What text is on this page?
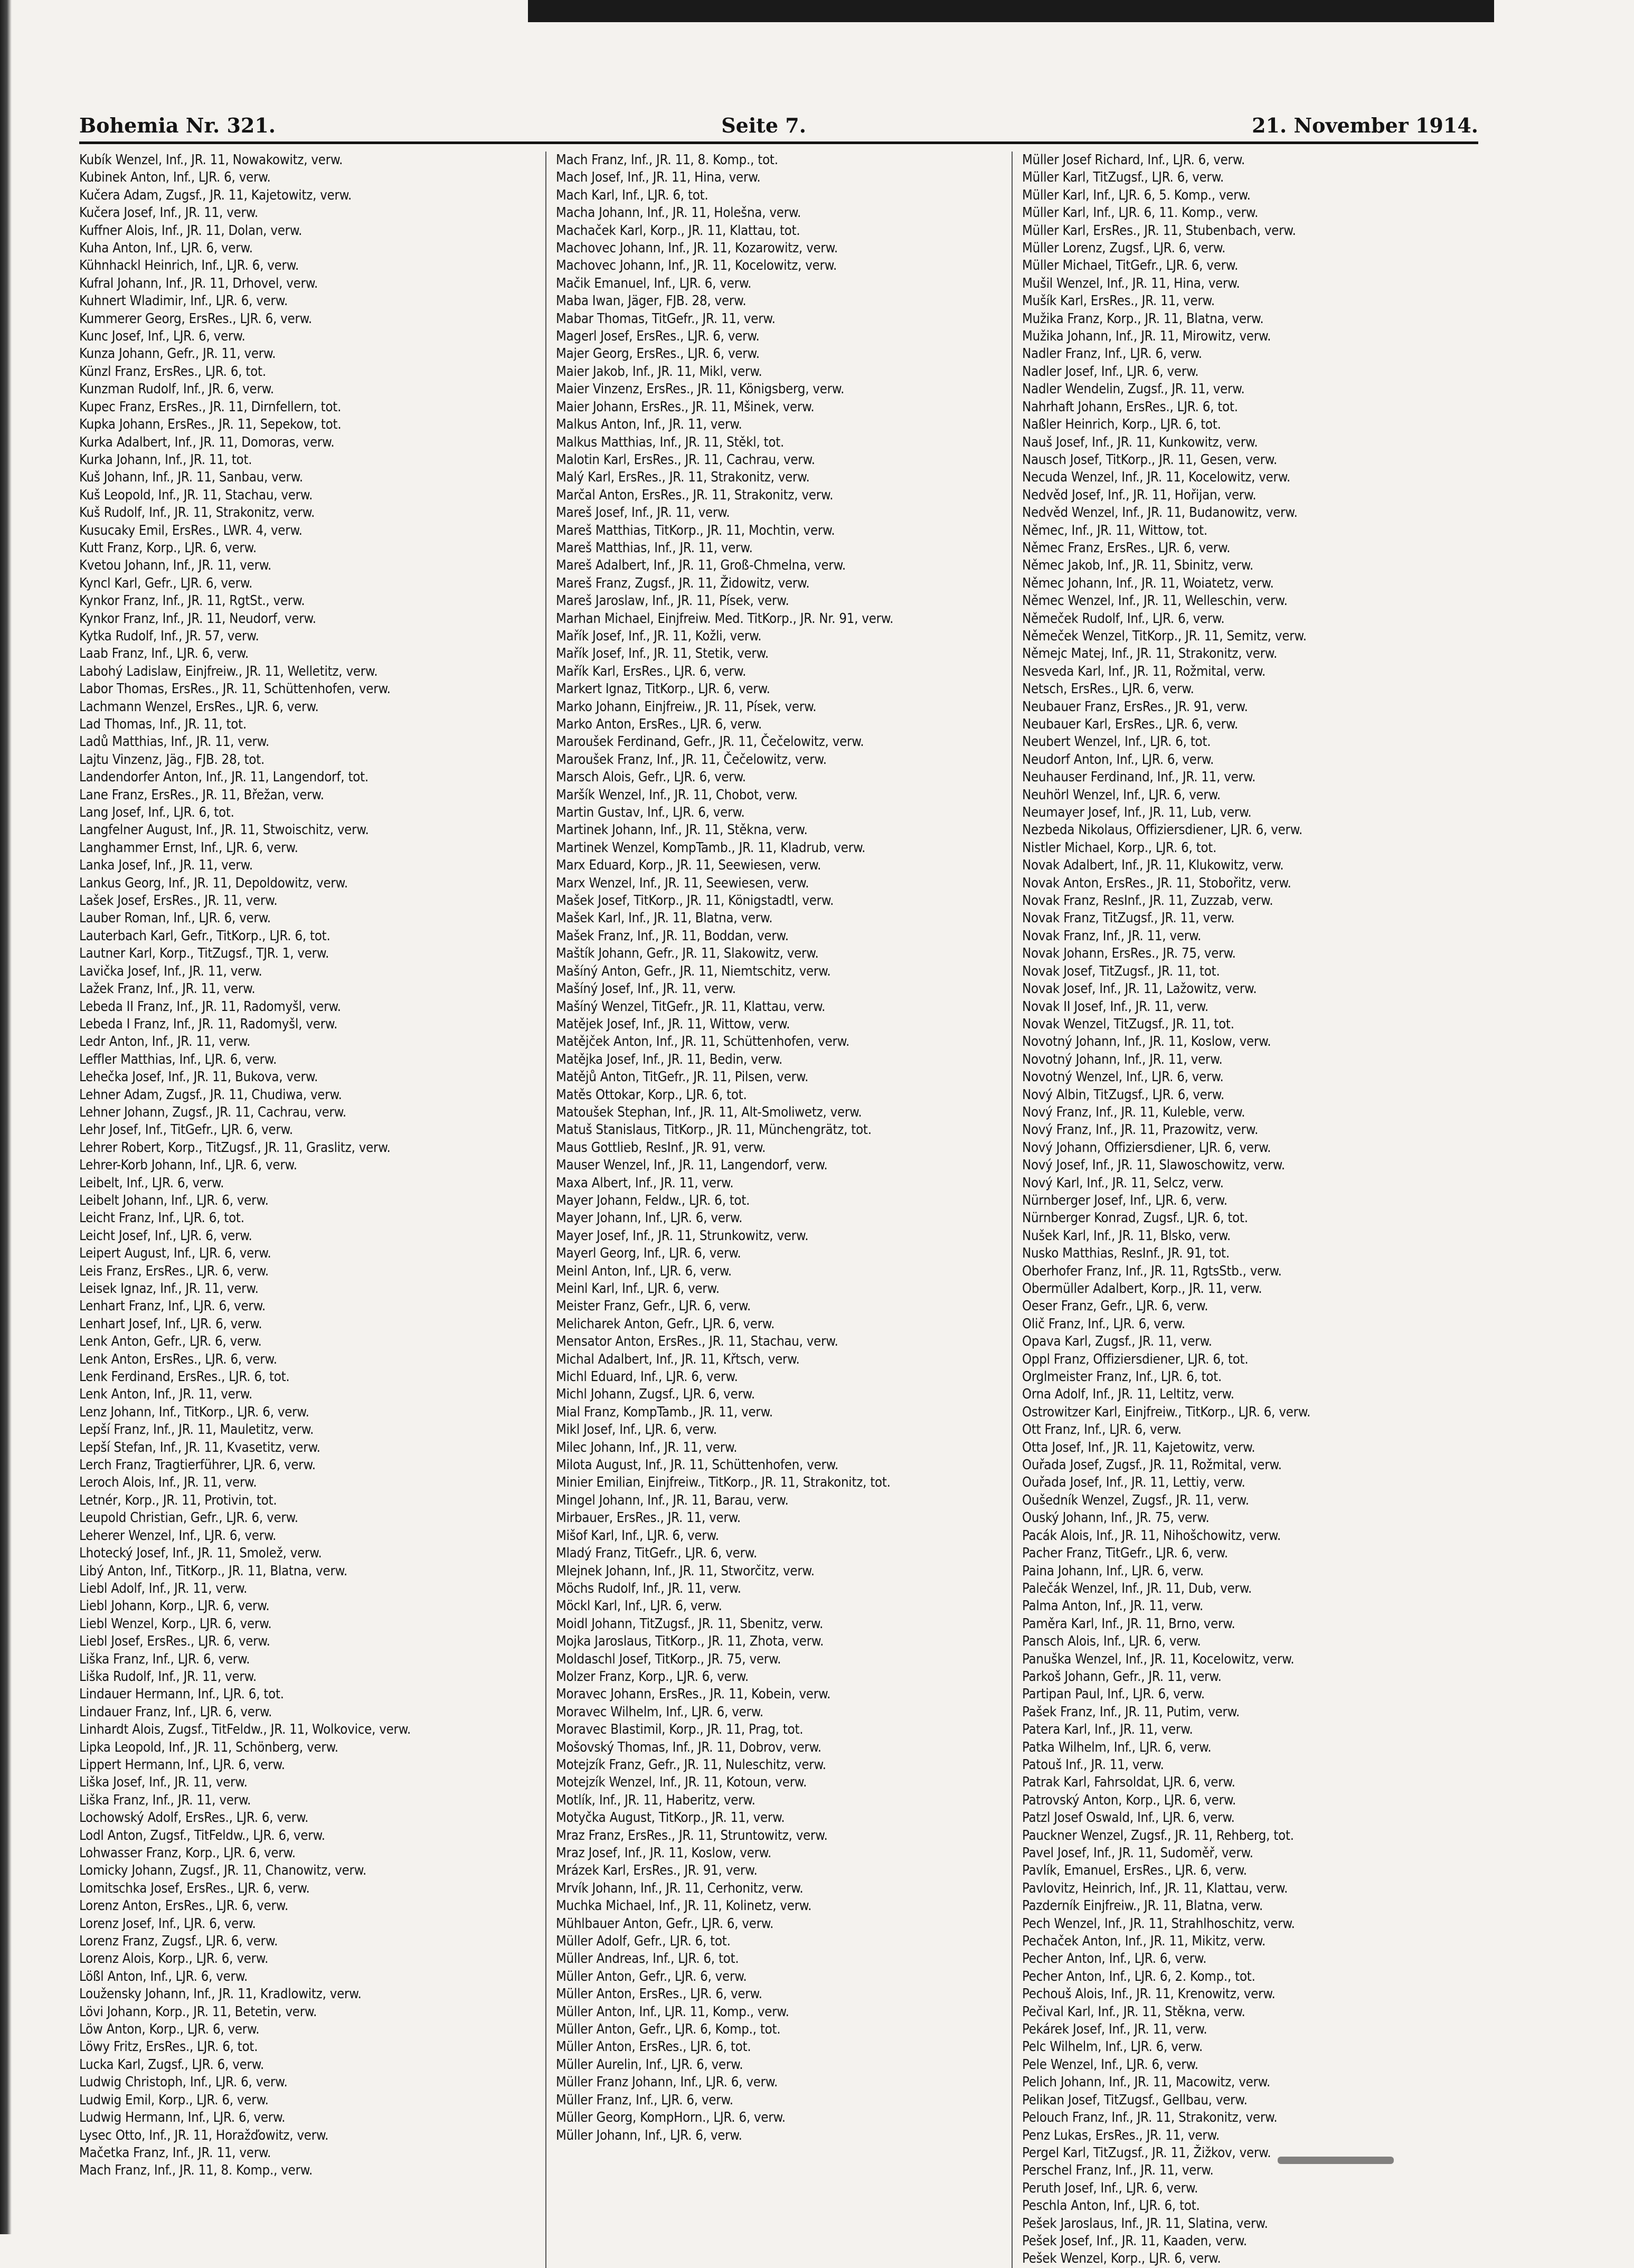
Bohemia Nr. 321.	Seite 7.	21. November 1914.
Kubík Wenzel, Inf., JR. 11, Nowakowitz, verw.
Kubinek Anton, Inf., LJR. 6, verw.
Kučera Adam, Zugsf., JR. 11, Kajetowitz, verw.
Kučera Josef, Inf., JR. 11, verw.
Kuffner Alois, Inf., JR. 11, Dolan, verw.
Kuha Anton, Inf., LJR. 6, verw.
Kühnhackl Heinrich, Inf., LJR. 6, verw.
Kufral Johann, Inf., JR. 11, Drhovel, verw.
Kuhnert Wladimir, Inf., LJR. 6, verw.
Kummerer Georg, ErsRes., LJR. 6, verw.
Kunc Josef, Inf., LJR. 6, verw.
Kunza Johann, Gefr., JR. 11, verw.
Künzl Franz, ErsRes., LJR. 6, tot.
Kunzman Rudolf, Inf., JR. 6, verw.
Kupec Franz, ErsRes., JR. 11, Dirnfellern, tot.
Kupka Johann, ErsRes., JR. 11, Sepekow, tot.
Kurka Adalbert, Inf., JR. 11, Domoras, verw.
Kurka Johann, Inf., JR. 11, tot.
Kuš Johann, Inf., JR. 11, Sanbau, verw.
Kuš Leopold, Inf., JR. 11, Stachau, verw.
Kuš Rudolf, Inf., JR. 11, Strakonitz, verw.
Kusucaky Emil, ErsRes., LWR. 4, verw.
Kutt Franz, Korp., LJR. 6, verw.
Kvetou Johann, Inf., JR. 11, verw.
Kyncl Karl, Gefr., LJR. 6, verw.
Kynkor Franz, Inf., JR. 11, RgtSt., verw.
Kynkor Franz, Inf., JR. 11, Neudorf, verw.
Kytka Rudolf, Inf., JR. 57, verw.
Laab Franz, Inf., LJR. 6, verw.
Labohý Ladislaw, Einjfreiw., JR. 11, Welletitz, verw.
Labor Thomas, ErsRes., JR. 11, Schüttenhofen, verw.
Lachmann Wenzel, ErsRes., LJR. 6, verw.
Lad Thomas, Inf., JR. 11, tot.
Ladů Matthias, Inf., JR. 11, verw.
Lajtu Vinzenz, Jäg., FJB. 28, tot.
Landendorfer Anton, Inf., JR. 11, Langendorf, tot.
Lane Franz, ErsRes., JR. 11, Břežan, verw.
Lang Josef, Inf., LJR. 6, tot.
Langfelner August, Inf., JR. 11, Stwoischitz, verw.
Langhammer Ernst, Inf., LJR. 6, verw.
Lanka Josef, Inf., JR. 11, verw.
Lankus Georg, Inf., JR. 11, Depoldowitz, verw.
Lašek Josef, ErsRes., JR. 11, verw.
Lauber Roman, Inf., LJR. 6, verw.
Lauterbach Karl, Gefr., TitKorp., LJR. 6, tot.
Lautner Karl, Korp., TitZugsf., TJR. 1, verw.
Lavička Josef, Inf., JR. 11, verw.
Lažek Franz, Inf., JR. 11, verw.
Lebeda II Franz, Inf., JR. 11, Radomyšl, verw.
Lebeda I Franz, Inf., JR. 11, Radomyšl, verw.
Ledr Anton, Inf., JR. 11, verw.
Leffler Matthias, Inf., LJR. 6, verw.
Lehečka Josef, Inf., JR. 11, Bukova, verw.
Lehner Adam, Zugsf., JR. 11, Chudiwa, verw.
Lehner Johann, Zugsf., JR. 11, Cachrau, verw.
Lehr Josef, Inf., TitGefr., LJR. 6, verw.
Lehrer Robert, Korp., TitZugsf., JR. 11, Graslitz, verw.
Lehrer-Korb Johann, Inf., LJR. 6, verw.
Leibelt, Inf., LJR. 6, verw.
Leibelt Johann, Inf., LJR. 6, verw.
Leicht Franz, Inf., LJR. 6, tot.
Leicht Josef, Inf., LJR. 6, verw.
Leipert August, Inf., LJR. 6, verw.
Leis Franz, ErsRes., LJR. 6, verw.
Leisek Ignaz, Inf., JR. 11, verw.
Lenhart Franz, Inf., LJR. 6, verw.
Lenhart Josef, Inf., LJR. 6, verw.
Lenk Anton, Gefr., LJR. 6, verw.
Lenk Anton, ErsRes., LJR. 6, verw.
Lenk Ferdinand, ErsRes., LJR. 6, tot.
Lenk Anton, Inf., JR. 11, verw.
Lenz Johann, Inf., TitKorp., LJR. 6, verw.
Lepší Franz, Inf., JR. 11, Mauletitz, verw.
Lepší Stefan, Inf., JR. 11, Kvasetitz, verw.
Lerch Franz, Tragtierführer, LJR. 6, verw.
Leroch Alois, Inf., JR. 11, verw.
Letnér, Korp., JR. 11, Protivin, tot.
Leupold Christian, Gefr., LJR. 6, verw.
Leherer Wenzel, Inf., LJR. 6, verw.
Lhotecký Josef, Inf., JR. 11, Smolež, verw.
Libý Anton, Inf., TitKorp., JR. 11, Blatna, verw.
Liebl Adolf, Inf., JR. 11, verw.
Liebl Johann, Korp., LJR. 6, verw.
Liebl Wenzel, Korp., LJR. 6, verw.
Liebl Josef, ErsRes., LJR. 6, verw.
Liška Franz, Inf., LJR. 6, verw.
Liška Rudolf, Inf., JR. 11, verw.
Lindauer Hermann, Inf., LJR. 6, tot.
Lindauer Franz, Inf., LJR. 6, verw.
Linhardt Alois, Zugsf., TitFeldw., JR. 11, Wolkovice, verw.
Lipka Leopold, Inf., JR. 11, Schönberg, verw.
Lippert Hermann, Inf., LJR. 6, verw.
Liška Josef, Inf., JR. 11, verw.
Liška Franz, Inf., JR. 11, verw.
Lochowský Adolf, ErsRes., LJR. 6, verw.
Lodl Anton, Zugsf., TitFeldw., LJR. 6, verw.
Lohwasser Franz, Korp., LJR. 6, verw.
Lomicky Johann, Zugsf., JR. 11, Chanowitz, verw.
Lomitschka Josef, ErsRes., LJR. 6, verw.
Lorenz Anton, ErsRes., LJR. 6, verw.
Lorenz Josef, Inf., LJR. 6, verw.
Lorenz Franz, Zugsf., LJR. 6, verw.
Lorenz Alois, Korp., LJR. 6, verw.
Lößl Anton, Inf., LJR. 6, verw.
Loužensky Johann, Inf., JR. 11, Kradlowitz, verw.
Lövi Johann, Korp., JR. 11, Betetin, verw.
Löw Anton, Korp., LJR. 6, verw.
Löwy Fritz, ErsRes., LJR. 6, tot.
Lucka Karl, Zugsf., LJR. 6, verw.
Ludwig Christoph, Inf., LJR. 6, verw.
Ludwig Emil, Korp., LJR. 6, verw.
Ludwig Hermann, Inf., LJR. 6, verw.
Lysec Otto, Inf., JR. 11, Horažďowitz, verw.
Mačetka Franz, Inf., JR. 11, verw.
Mach Franz, Inf., JR. 11, 8. Komp., verw.
Mach Franz, Inf., JR. 11, 8. Komp., tot.
Mach Josef, Inf., JR. 11, Hina, verw.
Mach Karl, Inf., LJR. 6, tot.
Macha Johann, Inf., JR. 11, Holešna, verw.
Machaček Karl, Korp., JR. 11, Klattau, tot.
Machovec Johann, Inf., JR. 11, Kozarowitz, verw.
Machovec Johann, Inf., JR. 11, Kocelowitz, verw.
Mačik Emanuel, Inf., LJR. 6, verw.
Maba Iwan, Jäger, FJB. 28, verw.
Mabar Thomas, TitGefr., JR. 11, verw.
Magerl Josef, ErsRes., LJR. 6, verw.
Majer Georg, ErsRes., LJR. 6, verw.
Maier Jakob, Inf., JR. 11, Mikl, verw.
Maier Vinzenz, ErsRes., JR. 11, Königsberg, verw.
Maier Johann, ErsRes., JR. 11, Mšinek, verw.
Malkus Anton, Inf., JR. 11, verw.
Malkus Matthias, Inf., JR. 11, Stěkl, tot.
Malotin Karl, ErsRes., JR. 11, Cachrau, verw.
Malý Karl, ErsRes., JR. 11, Strakonitz, verw.
Marčal Anton, ErsRes., JR. 11, Strakonitz, verw.
Mareš Josef, Inf., JR. 11, verw.
Mareš Matthias, TitKorp., JR. 11, Mochtin, verw.
Mareš Matthias, Inf., JR. 11, verw.
Mareš Adalbert, Inf., JR. 11, Groß-Chmelna, verw.
Mareš Franz, Zugsf., JR. 11, Židowitz, verw.
Mareš Jaroslaw, Inf., JR. 11, Písek, verw.
Marhan Michael, Einjfreiw. Med. TitKorp., JR. Nr. 91, verw.
Mařík Josef, Inf., JR. 11, Kožli, verw.
Mařík Josef, Inf., JR. 11, Stetik, verw.
Mařík Karl, ErsRes., LJR. 6, verw.
Markert Ignaz, TitKorp., LJR. 6, verw.
Marko Johann, Einjfreiw., JR. 11, Písek, verw.
Marko Anton, ErsRes., LJR. 6, verw.
Maroušek Ferdinand, Gefr., JR. 11, Čečelowitz, verw.
Maroušek Franz, Inf., JR. 11, Čečelowitz, verw.
Marsch Alois, Gefr., LJR. 6, verw.
Maršík Wenzel, Inf., JR. 11, Chobot, verw.
Martin Gustav, Inf., LJR. 6, verw.
Martinek Johann, Inf., JR. 11, Stěkna, verw.
Martinek Wenzel, KompTamb., JR. 11, Kladrub, verw.
Marx Eduard, Korp., JR. 11, Seewiesen, verw.
Marx Wenzel, Inf., JR. 11, Seewiesen, verw.
Mašek Josef, TitKorp., JR. 11, Königstadtl, verw.
Mašek Karl, Inf., JR. 11, Blatna, verw.
Mašek Franz, Inf., JR. 11, Boddan, verw.
Maštík Johann, Gefr., JR. 11, Slakowitz, verw.
Mašíný Anton, Gefr., JR. 11, Niemtschitz, verw.
Mašíný Josef, Inf., JR. 11, verw.
Mašíný Wenzel, TitGefr., JR. 11, Klattau, verw.
Matějek Josef, Inf., JR. 11, Wittow, verw.
Matějček Anton, Inf., JR. 11, Schüttenhofen, verw.
Matějka Josef, Inf., JR. 11, Bedin, verw.
Matějů Anton, TitGefr., JR. 11, Pilsen, verw.
Matěs Ottokar, Korp., LJR. 6, tot.
Matoušek Stephan, Inf., JR. 11, Alt-Smoliwetz, verw.
Matuš Stanislaus, TitKorp., JR. 11, Münchengrätz, tot.
Maus Gottlieb, ResInf., JR. 91, verw.
Mauser Wenzel, Inf., JR. 11, Langendorf, verw.
Maxa Albert, Inf., JR. 11, verw.
Mayer Johann, Feldw., LJR. 6, tot.
Mayer Johann, Inf., LJR. 6, verw.
Mayer Josef, Inf., JR. 11, Strunkowitz, verw.
Mayerl Georg, Inf., LJR. 6, verw.
Meinl Anton, Inf., LJR. 6, verw.
Meinl Karl, Inf., LJR. 6, verw.
Meister Franz, Gefr., LJR. 6, verw.
Melicharek Anton, Gefr., LJR. 6, verw.
Mensator Anton, ErsRes., JR. 11, Stachau, verw.
Michal Adalbert, Inf., JR. 11, Křtsch, verw.
Michl Eduard, Inf., LJR. 6, verw.
Michl Johann, Zugsf., LJR. 6, verw.
Mial Franz, KompTamb., JR. 11, verw.
Mikl Josef, Inf., LJR. 6, verw.
Milec Johann, Inf., JR. 11, verw.
Milota August, Inf., JR. 11, Schüttenhofen, verw.
Minier Emilian, Einjfreiw., TitKorp., JR. 11, Strakonitz, tot.
Mingel Johann, Inf., JR. 11, Barau, verw.
Mirbauer, ErsRes., JR. 11, verw.
Mišof Karl, Inf., LJR. 6, verw.
Mladý Franz, TitGefr., LJR. 6, verw.
Mlejnek Johann, Inf., JR. 11, Stworčitz, verw.
Möchs Rudolf, Inf., JR. 11, verw.
Möckl Karl, Inf., LJR. 6, verw.
Moidl Johann, TitZugsf., JR. 11, Sbenitz, verw.
Mojka Jaroslaus, TitKorp., JR. 11, Zhota, verw.
Moldaschl Josef, TitKorp., JR. 75, verw.
Molzer Franz, Korp., LJR. 6, verw.
Moravec Johann, ErsRes., JR. 11, Kobein, verw.
Moravec Wilhelm, Inf., LJR. 6, verw.
Moravec Blastimil, Korp., JR. 11, Prag, tot.
Mošovský Thomas, Inf., JR. 11, Dobrov, verw.
Motejzík Franz, Gefr., JR. 11, Nuleschitz, verw.
Motejzík Wenzel, Inf., JR. 11, Kotoun, verw.
Motlík, Inf., JR. 11, Haberitz, verw.
Motyčka August, TitKorp., JR. 11, verw.
Mraz Franz, ErsRes., JR. 11, Struntowitz, verw.
Mraz Josef, Inf., JR. 11, Koslow, verw.
Mrázek Karl, ErsRes., JR. 91, verw.
Mrvík Johann, Inf., JR. 11, Cerhonitz, verw.
Muchka Michael, Inf., JR. 11, Kolinetz, verw.
Mühlbauer Anton, Gefr., LJR. 6, verw.
Müller Adolf, Gefr., LJR. 6, tot.
Müller Andreas, Inf., LJR. 6, tot.
Müller Anton, Gefr., LJR. 6, verw.
Müller Anton, ErsRes., LJR. 6, verw.
Müller Anton, Inf., LJR. 11, Komp., verw.
Müller Anton, Gefr., LJR. 6, Komp., tot.
Müller Anton, ErsRes., LJR. 6, tot.
Müller Aurelin, Inf., LJR. 6, verw.
Müller Franz Johann, Inf., LJR. 6, verw.
Müller Franz, Inf., LJR. 6, verw.
Müller Georg, KompHorn., LJR. 6, verw.
Müller Johann, Inf., LJR. 6, verw.
Müller Josef Richard, Inf., LJR. 6, verw.
Müller Karl, TitZugsf., LJR. 6, verw.
Müller Karl, Inf., LJR. 6, 5. Komp., verw.
Müller Karl, Inf., LJR. 6, 11. Komp., verw.
Müller Karl, ErsRes., JR. 11, Stubenbach, verw.
Müller Lorenz, Zugsf., LJR. 6, verw.
Müller Michael, TitGefr., LJR. 6, verw.
Mušil Wenzel, Inf., JR. 11, Hina, verw.
Mušík Karl, ErsRes., JR. 11, verw.
Mužika Franz, Korp., JR. 11, Blatna, verw.
Mužika Johann, Inf., JR. 11, Mirowitz, verw.
Nadler Franz, Inf., LJR. 6, verw.
Nadler Josef, Inf., LJR. 6, verw.
Nadler Wendelin, Zugsf., JR. 11, verw.
Nahrhaft Johann, ErsRes., LJR. 6, tot.
Naßler Heinrich, Korp., LJR. 6, tot.
Nauš Josef, Inf., JR. 11, Kunkowitz, verw.
Nausch Josef, TitKorp., JR. 11, Gesen, verw.
Necuda Wenzel, Inf., JR. 11, Kocelowitz, verw.
Nedvěd Josef, Inf., JR. 11, Hořijan, verw.
Nedvěd Wenzel, Inf., JR. 11, Budanowitz, verw.
Němec, Inf., JR. 11, Wittow, tot.
Němec Franz, ErsRes., LJR. 6, verw.
Němec Jakob, Inf., JR. 11, Sbinitz, verw.
Němec Johann, Inf., JR. 11, Woiatetz, verw.
Němec Wenzel, Inf., JR. 11, Welleschin, verw.
Němeček Rudolf, Inf., LJR. 6, verw.
Němeček Wenzel, TitKorp., JR. 11, Semitz, verw.
Němejc Matej, Inf., JR. 11, Strakonitz, verw.
Nesveda Karl, Inf., JR. 11, Rožmital, verw.
Netsch, ErsRes., LJR. 6, verw.
Neubauer Franz, ErsRes., JR. 91, verw.
Neubauer Karl, ErsRes., LJR. 6, verw.
Neubert Wenzel, Inf., LJR. 6, tot.
Neudorf Anton, Inf., LJR. 6, verw.
Neuhauser Ferdinand, Inf., JR. 11, verw.
Neuhörl Wenzel, Inf., LJR. 6, verw.
Neumayer Josef, Inf., JR. 11, Lub, verw.
Nezbeda Nikolaus, Offiziersdiener, LJR. 6, verw.
Nistler Michael, Korp., LJR. 6, tot.
Novak Adalbert, Inf., JR. 11, Klukowitz, verw.
Novak Anton, ErsRes., JR. 11, Stobořitz, verw.
Novak Franz, ResInf., JR. 11, Zuzzab, verw.
Novak Franz, TitZugsf., JR. 11, verw.
Novak Franz, Inf., JR. 11, verw.
Novak Johann, ErsRes., JR. 75, verw.
Novak Josef, TitZugsf., JR. 11, tot.
Novak Josef, Inf., JR. 11, Lažowitz, verw.
Novak II Josef, Inf., JR. 11, verw.
Novak Wenzel, TitZugsf., JR. 11, tot.
Novotný Johann, Inf., JR. 11, Koslow, verw.
Novotný Johann, Inf., JR. 11, verw.
Novotný Wenzel, Inf., LJR. 6, verw.
Nový Albin, TitZugsf., LJR. 6, verw.
Nový Franz, Inf., JR. 11, Kuleble, verw.
Nový Franz, Inf., JR. 11, Prazowitz, verw.
Nový Johann, Offiziersdiener, LJR. 6, verw.
Nový Josef, Inf., JR. 11, Slawoschowitz, verw.
Nový Karl, Inf., JR. 11, Selcz, verw.
Nürnberger Josef, Inf., LJR. 6, verw.
Nürnberger Konrad, Zugsf., LJR. 6, tot.
Nušek Karl, Inf., JR. 11, Blsko, verw.
Nusko Matthias, ResInf., JR. 91, tot.
Oberhofer Franz, Inf., JR. 11, RgtsStb., verw.
Obermüller Adalbert, Korp., JR. 11, verw.
Oeser Franz, Gefr., LJR. 6, verw.
Olič Franz, Inf., LJR. 6, verw.
Opava Karl, Zugsf., JR. 11, verw.
Oppl Franz, Offiziersdiener, LJR. 6, tot.
Orglmeister Franz, Inf., LJR. 6, tot.
Orna Adolf, Inf., JR. 11, Leltitz, verw.
Ostrowitzer Karl, Einjfreiw., TitKorp., LJR. 6, verw.
Ott Franz, Inf., LJR. 6, verw.
Otta Josef, Inf., JR. 11, Kajetowitz, verw.
Ouřada Josef, Zugsf., JR. 11, Rožmital, verw.
Ouřada Josef, Inf., JR. 11, Lettiy, verw.
Oušedník Wenzel, Zugsf., JR. 11, verw.
Ouský Johann, Inf., JR. 75, verw.
Pacák Alois, Inf., JR. 11, Nihošchowitz, verw.
Pacher Franz, TitGefr., LJR. 6, verw.
Paina Johann, Inf., LJR. 6, verw.
Palečák Wenzel, Inf., JR. 11, Dub, verw.
Palma Anton, Inf., JR. 11, verw.
Paměra Karl, Inf., JR. 11, Brno, verw.
Pansch Alois, Inf., LJR. 6, verw.
Panuška Wenzel, Inf., JR. 11, Kocelowitz, verw.
Parkoš Johann, Gefr., JR. 11, verw.
Partipan Paul, Inf., LJR. 6, verw.
Pašek Franz, Inf., JR. 11, Putim, verw.
Patera Karl, Inf., JR. 11, verw.
Patka Wilhelm, Inf., LJR. 6, verw.
Patouš Inf., JR. 11, verw.
Patrak Karl, Fahrsoldat, LJR. 6, verw.
Patrovský Anton, Korp., LJR. 6, verw.
Patzl Josef Oswald, Inf., LJR. 6, verw.
Pauckner Wenzel, Zugsf., JR. 11, Rehberg, tot.
Pavel Josef, Inf., JR. 11, Sudoměř, verw.
Pavlík, Emanuel, ErsRes., LJR. 6, verw.
Pavlovitz, Heinrich, Inf., JR. 11, Klattau, verw.
Pazderník Einjfreiw., JR. 11, Blatna, verw.
Pech Wenzel, Inf., JR. 11, Strahlhoschitz, verw.
Pechaček Anton, Inf., JR. 11, Mikitz, verw.
Pecher Anton, Inf., LJR. 6, verw.
Pecher Anton, Inf., LJR. 6, 2. Komp., tot.
Pechouš Alois, Inf., JR. 11, Krenowitz, verw.
Pečival Karl, Inf., JR. 11, Stěkna, verw.
Pekárek Josef, Inf., JR. 11, verw.
Pelc Wilhelm, Inf., LJR. 6, verw.
Pele Wenzel, Inf., LJR. 6, verw.
Pelich Johann, Inf., JR. 11, Macowitz, verw.
Pelikan Josef, TitZugsf., Gellbau, verw.
Pelouch Franz, Inf., JR. 11, Strakonitz, verw.
Penz Lukas, ErsRes., JR. 11, verw.
Pergel Karl, TitZugsf., JR. 11, Žižkov, verw.
Perschel Franz, Inf., JR. 11, verw.
Peruth Josef, Inf., LJR. 6, verw.
Peschla Anton, Inf., LJR. 6, tot.
Pešek Jaroslaus, Inf., JR. 11, Slatina, verw.
Pešek Josef, Inf., JR. 11, Kaaden, verw.
Pešek Wenzel, Korp., LJR. 6, verw.
